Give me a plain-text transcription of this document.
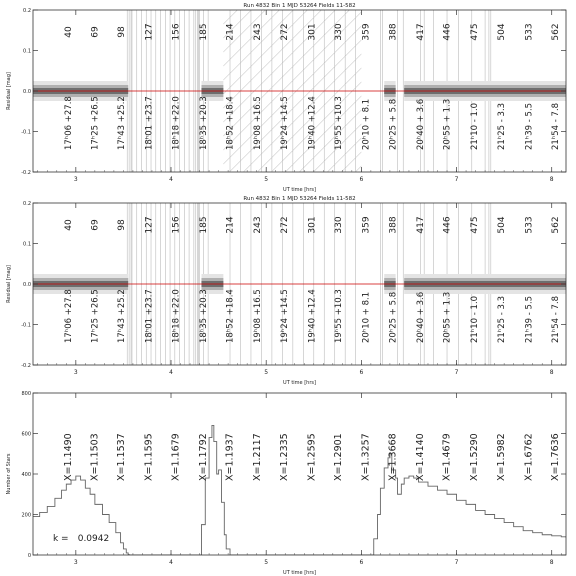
Run 4832 Bin 1 MJD 53264 Fields 11-582
40
17ʰ06 +27.8
69
17ʰ25 +26.5
98
17ʰ43 +25.2
127
18ʰ01 +23.7
156
18ʰ18 +22.0
185
18ʰ35 +20.3
214
18ʰ52 +18.4
243
19ʰ08 +16.5
272
19ʰ24 +14.5
301
19ʰ40 +12.4
330
19ʰ55 +10.3
359
20ʰ10 + 8.1
388
20ʰ25 + 5.8
417
20ʰ40 + 3.6
446
20ʰ55 + 1.3
475
21ʰ10 - 1.0
504
21ʰ25 - 3.3
533
21ʰ39 - 5.5
562
21ʰ54 - 7.8
3	4	5	6	7	8
0.2
0.1
0.0
-0.1
-0.2
UT time [hrs]
Residual [mag]
Run 4832 Bin 1 MJD 53264 Fields 11-582
40
17ʰ06 +27.8
69
17ʰ25 +26.5
98
17ʰ43 +25.2
127
18ʰ01 +23.7
156
18ʰ18 +22.0
185
18ʰ35 +20.3
214
18ʰ52 +18.4
243
19ʰ08 +16.5
272
19ʰ24 +14.5
301
19ʰ40 +12.4
330
19ʰ55 +10.3
359
20ʰ10 + 8.1
388
20ʰ25 + 5.8
417
20ʰ40 + 3.6
446
20ʰ55 + 1.3
475
21ʰ10 - 1.0
504
21ʰ25 - 3.3
533
21ʰ39 - 5.5
562
21ʰ54 - 7.8
3	4	5	6	7	8
0.2
0.1
0.0
-0.1
-0.2
UT time [hrs]
Residual [mag]
X=1.1490 X=1.1503 X=1.1537 X=1.1595 X=1.1679 X=1.1792 X=1.1937 X=1.2117 X=1.2335 X=1.2595 X=1.2901 X=1.3257 X=1.3668 X=1.4140 X=1.4679 X=1.5290 X=1.5982 X=1.6762 X=1.7636
k = 0.0942
3	4	5	6	7	8
800
600
400
200
0
UT time [hrs]
Number of Stars
